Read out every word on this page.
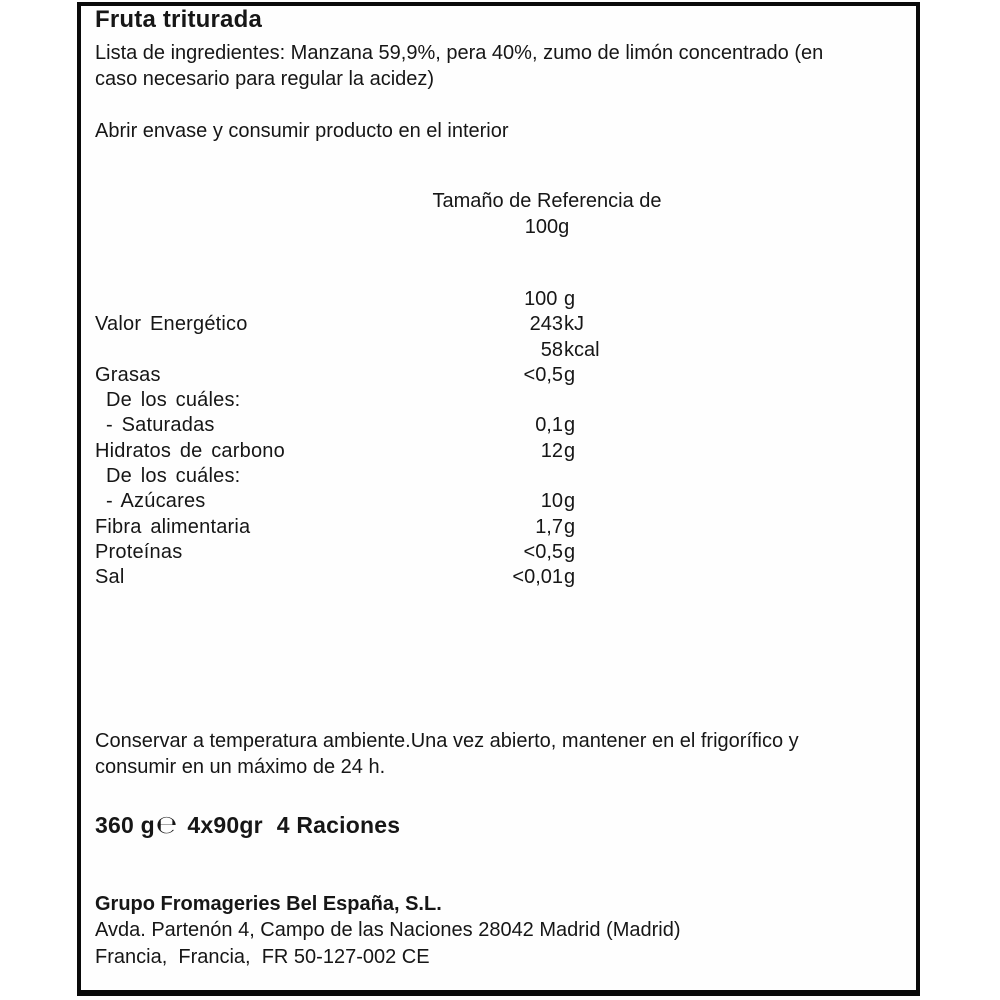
Fruta triturada
Lista de ingredientes: Manzana 59,9%, pera 40%, zumo de limón concentrado (en
caso necesario para regular la acidez)
Abrir envase y consumir producto en el interior
Tamaño de Referencia de
100g
100 g
Valor Energético	243 kJ
58 kcal
Grasas	<0,5 g
De los cuáles:
- Saturadas	0,1 g
Hidratos de carbono	12 g
De los cuáles:
- Azúcares	10 g
Fibra alimentaria	1,7 g
Proteínas	<0,5 g
Sal	<0,01 g
Conservar a temperatura ambiente.Una vez abierto, mantener en el frigorífico y
consumir en un máximo de 24 h.
360 g℮ 4x90gr 4 Raciones
Grupo Fromageries Bel España, S.L.
Avda. Partenón 4, Campo de las Naciones 28042 Madrid (Madrid)
Francia,  Francia,  FR 50-127-002 CE
